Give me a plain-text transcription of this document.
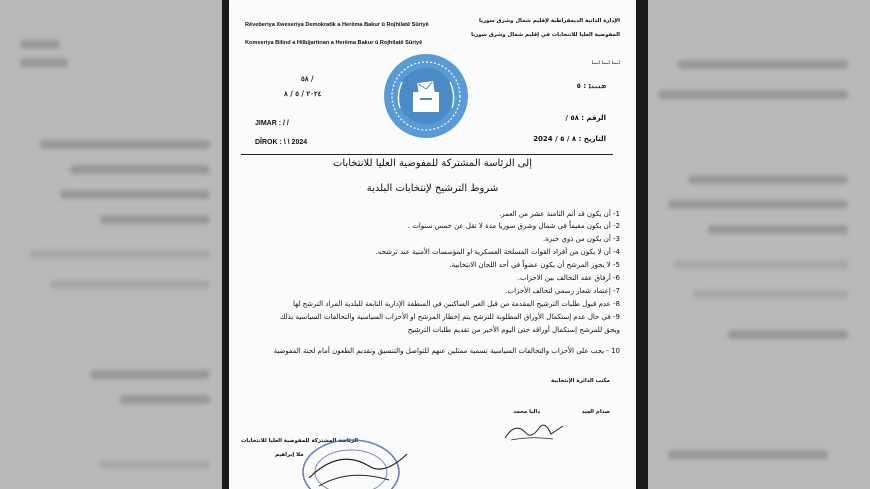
Rêveberiya Xweseriya Demokratîk a Herêma Bakur û Rojhilatê Sûriyê
الإدارة الذاتية الديمقراطية لإقليم شمال وشرق سوريا
المفوضية العليا للانتخابات في إقليم شمال وشرق سوريا
Komseriya Bilind a Hilbijartinan a Herêma Bakur û Rojhilatê Sûriyê
ܐܝܢܐ ܐܝܢܐ ܐܝܢܐ
٥٨ /
٢٠٢٤ / ٥ / ٨
JIMAR : / /
DÎROK : \ \ 2024
ܡܢܝܢܐ : ٥
الرقم : ٥٨ /
التاريخ : ٨ / ٥ / 2024
إلى الرئاسة المشتركة للمفوضية العليا للانتخابات
شروط الترشيح لإنتخابات البلدية
1- أن يكون قد أتم الثامنة عشر من العمر.
2- أن يكون مقيماً في شمال وشرق سوريا مدة لا تقل عن خمس سنوات .
3- أن يكون من ذوي خبرة.
4- أن لا يكون من أفراد القوات المسلحة العسكرية او المؤسسات الأمنية عند ترشحه.
5- لا يجوز المرشح أن يكون عضواً في أحد اللجان الانتخابية.
6- أرفاق عقد التحالف بين الاحزاب.
7- إعتماد شعار رسمي لتحالف الأحزاب.
8- عدم قبول طلبات الترشيح المقدمة من قبل الغير الساكنين في المنطقة الإدارية التابعة للبلدية المراد الترشح لها
9- في حال عدم إستكمال الأوراق المطلوبة للترشح يتم إخطار المرشح او الأحزاب السياسية والتحالفات السياسية بذلك
ويحق للمرشح إستكمال أوراقه حتى اليوم الأخير من تقديم طلبات الترشيح
10 - يجب على الأحزاب والتحالفات السياسية تسمية ممثلين عنهم للتواصل والتنسيق وتقديم الطعون أمام لجنة المفوضية
مكتب الدائرة الإنتخابية
صدام العيد
داليا محمد
الرئاسة المشتركة للمفوضية العليا للانتخابات
ملا إبراهيم
